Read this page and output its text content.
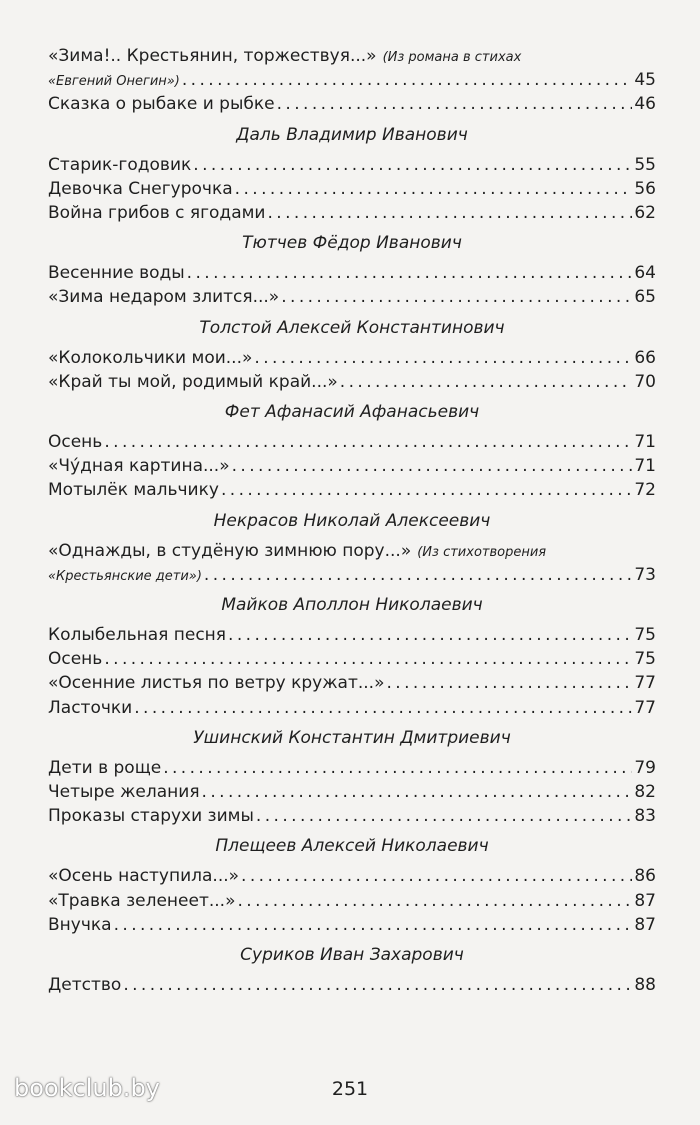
«Зима!.. Крестьянин, торжествуя...» (Из романа в стихах
«Евгений Онегин») . . .	45
Сказка о рыбаке и рыбке . . .	46
Даль Владимир Иванович
Старик-годовик . . .	55
Девочка Снегурочка . . .	56
Война грибов с ягодами . . .	62
Тютчев Фёдор Иванович
Весенние воды . . .	64
«Зима недаром злится...» . . .	65
Толстой Алексей Константинович
«Колокольчики мои...» . . .	66
«Край ты мой, родимый край...» . . .	70
Фет Афанасий Афанасьевич
Осень . . .	71
«Чу́дная картина...» . . .	71
Мотылёк мальчику . . .	72
Некрасов Николай Алексеевич
«Однажды, в студёную зимнюю пору...» (Из стихотворения
«Крестьянские дети») . . .	73
Майков Аполлон Николаевич
Колыбельная песня . . .	75
Осень . . .	75
«Осенние листья по ветру кружат...» . . .	77
Ласточки . . .	77
Ушинский Константин Дмитриевич
Дети в роще . . .	79
Четыре желания . . .	82
Проказы старухи зимы . . .	83
Плещеев Алексей Николаевич
«Осень наступила...» . . .	86
«Травка зеленеет...» . . .	87
Внучка . . .	87
Суриков Иван Захарович
Детство . . .	88
251
bookclub.by
